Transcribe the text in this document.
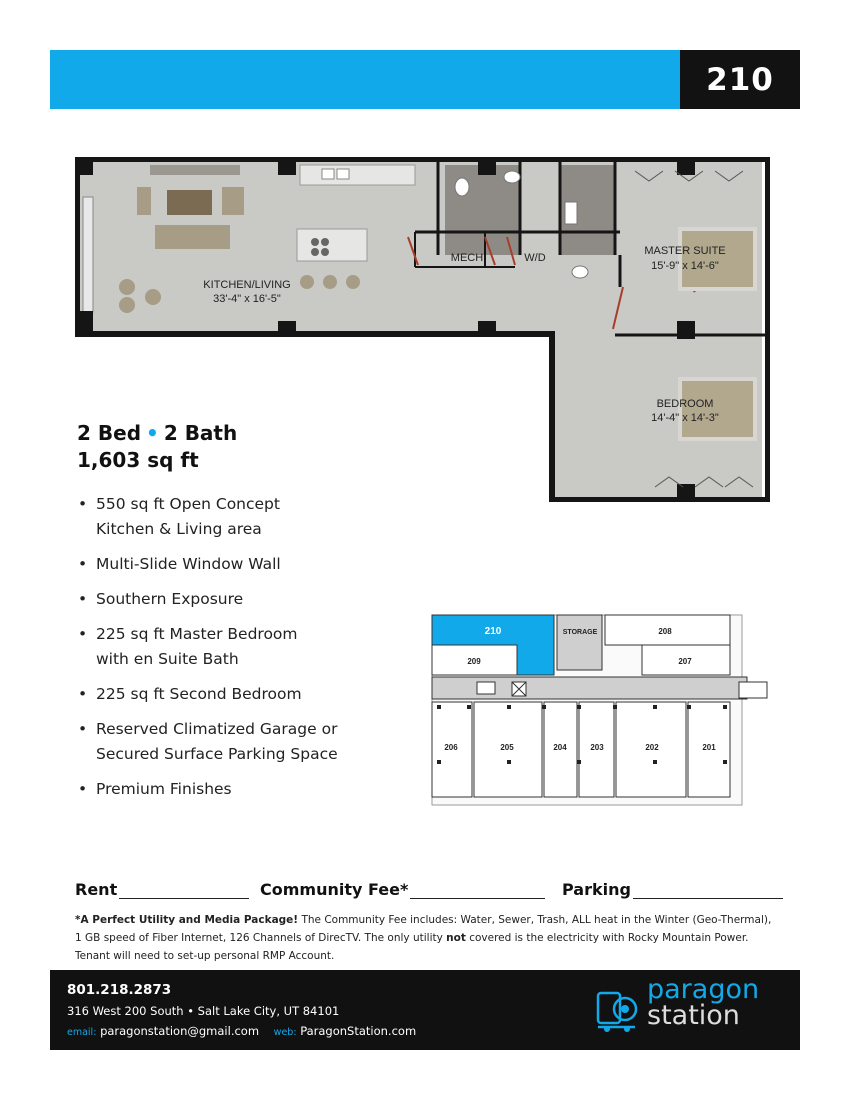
210
KITCHEN/LIVING
33'-4" x 16'-5"
MECH	W/D
MASTER SUITE
15'-9" x 14'-6"
BEDROOM
14'-4" x 14'-3"
2 Bed • 2 Bath
1,603 sq ft
• 550 sq ft Open Concept
Kitchen & Living area
• Multi-Slide Window Wall
• Southern Exposure
• 225 sq ft Master Bedroom
with en Suite Bath
• 225 sq ft Second Bedroom
• Reserved Climatized Garage or
Secured Surface Parking Space
• Premium Finishes
210	STORAGE	208
209	207
206	205	204	203	202	201
Rent	Community Fee*	Parking
*A Perfect Utility and Media Package! The Community Fee includes: Water, Sewer, Trash, ALL heat in the Winter (Geo-Thermal), 1 GB speed of Fiber Internet, 126 Channels of DirecTV. The only utility not covered is the electricity with Rocky Mountain Power. Tenant will need to set-up personal RMP Account.
801.218.2873
316 West 200 South • Salt Lake City, UT 84101
email: paragonstation@gmail.com web: ParagonStation.com
paragon
station
